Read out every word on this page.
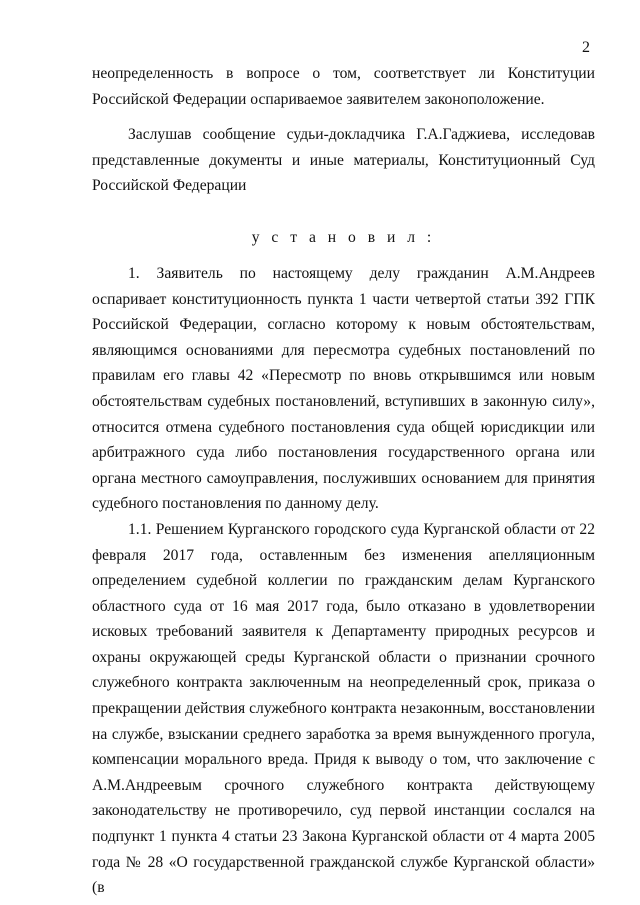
2

неопределенность в вопросе о том, соответствует ли Конституции Российской Федерации оспариваемое заявителем законоположение.

Заслушав сообщение судьи-докладчика Г.А.Гаджиева, исследовав представленные документы и иные материалы, Конституционный Суд Российской Федерации

у с т а н о в и л :

1. Заявитель по настоящему делу гражданин А.М.Андреев оспаривает конституционность пункта 1 части четвертой статьи 392 ГПК Российской Федерации, согласно которому к новым обстоятельствам, являющимся основаниями для пересмотра судебных постановлений по правилам его главы 42 «Пересмотр по вновь открывшимся или новым обстоятельствам судебных постановлений, вступивших в законную силу», относится отмена судебного постановления суда общей юрисдикции или арбитражного суда либо постановления государственного органа или органа местного самоуправления, послуживших основанием для принятия судебного постановления по данному делу.

1.1. Решением Курганского городского суда Курганской области от 22 февраля 2017 года, оставленным без изменения апелляционным определением судебной коллегии по гражданским делам Курганского областного суда от 16 мая 2017 года, было отказано в удовлетворении исковых требований заявителя к Департаменту природных ресурсов и охраны окружающей среды Курганской области о признании срочного служебного контракта заключенным на неопределенный срок, приказа о прекращении действия служебного контракта незаконным, восстановлении на службе, взыскании среднего заработка за время вынужденного прогула, компенсации морального вреда. Придя к выводу о том, что заключение с А.М.Андреевым срочного служебного контракта действующему законодательству не противоречило, суд первой инстанции сослался на подпункт 1 пункта 4 статьи 23 Закона Курганской области от 4 марта 2005 года № 28 «О государственной гражданской службе Курганской области» (в
